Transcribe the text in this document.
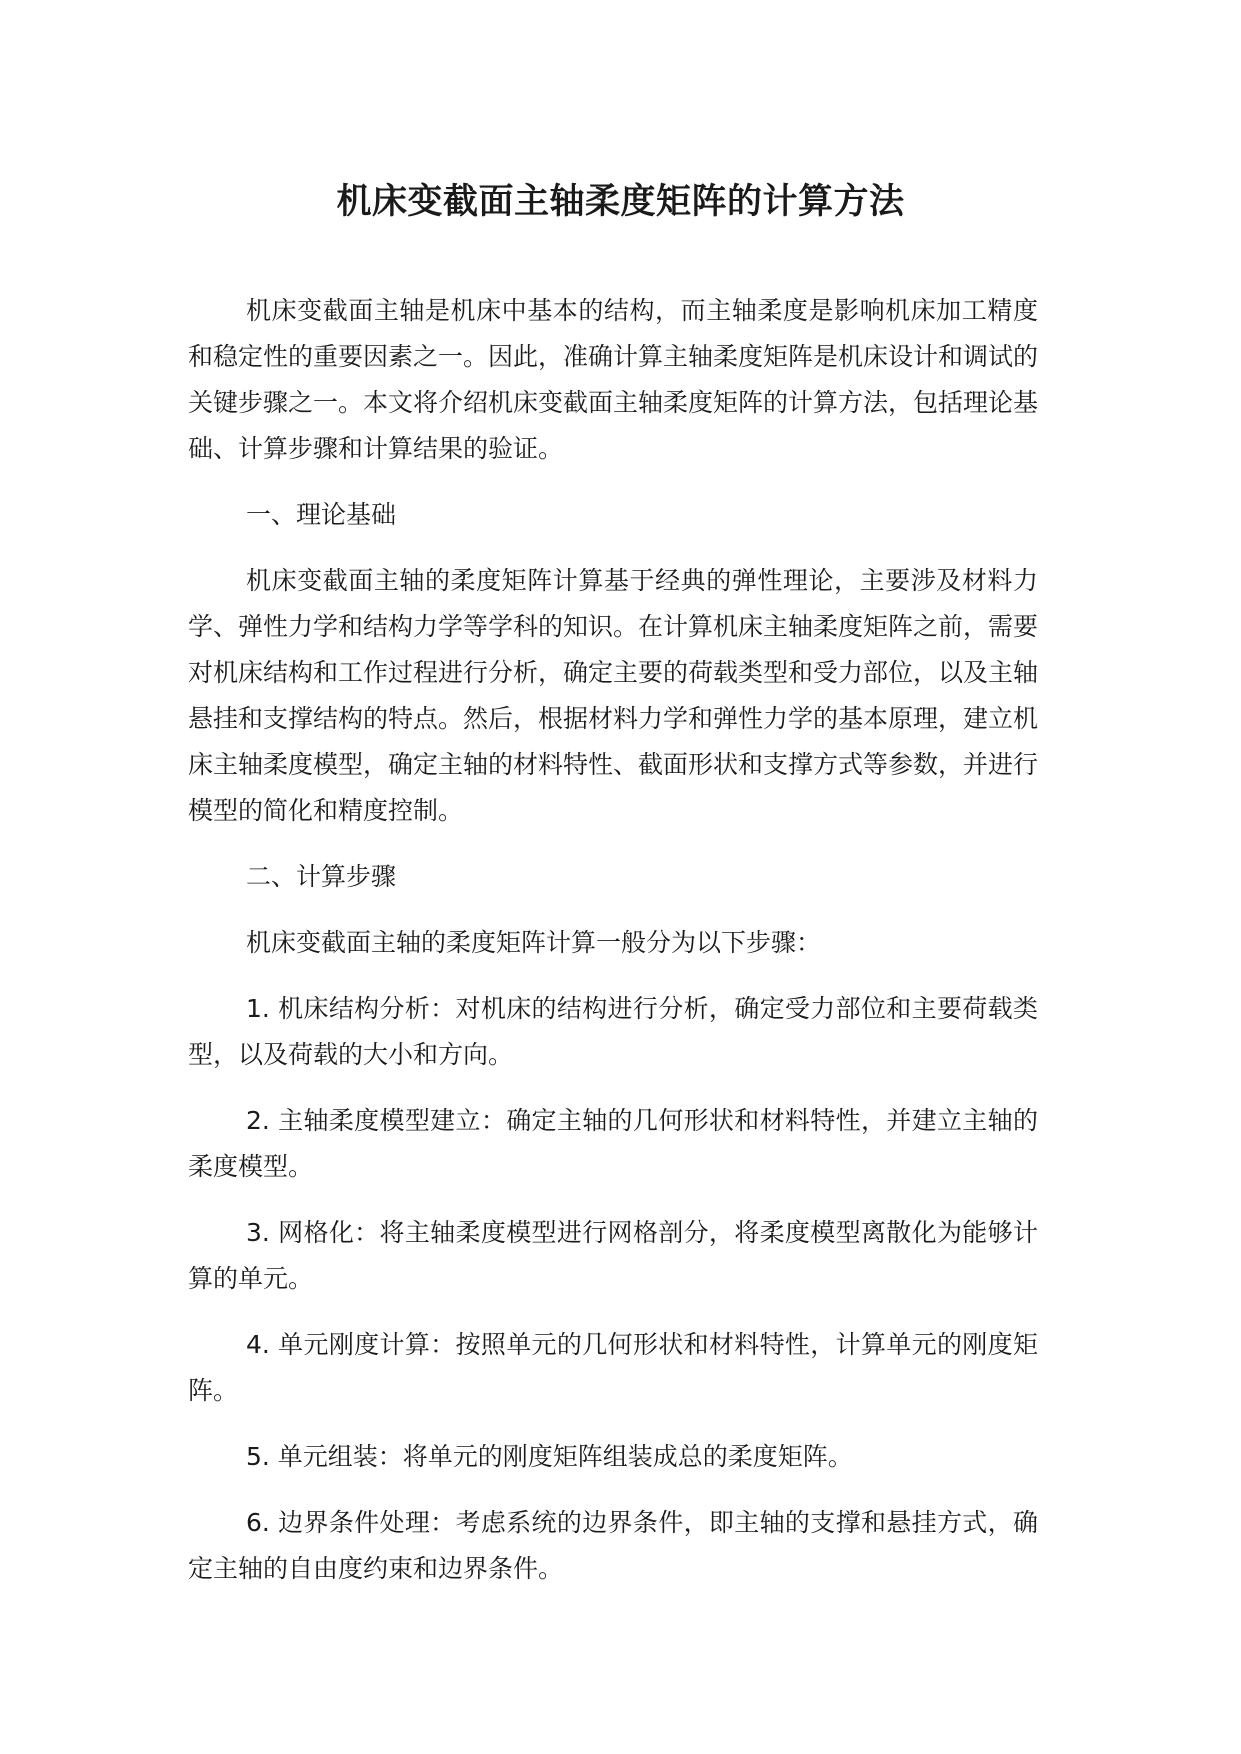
机床变截面主轴柔度矩阵的计算方法

机床变截面主轴是机床中基本的结构，而主轴柔度是影响机床加工精度和稳定性的重要因素之一。因此，准确计算主轴柔度矩阵是机床设计和调试的关键步骤之一。本文将介绍机床变截面主轴柔度矩阵的计算方法，包括理论基础、计算步骤和计算结果的验证。

一、理论基础

机床变截面主轴的柔度矩阵计算基于经典的弹性理论，主要涉及材料力学、弹性力学和结构力学等学科的知识。在计算机床主轴柔度矩阵之前，需要对机床结构和工作过程进行分析，确定主要的荷载类型和受力部位，以及主轴悬挂和支撑结构的特点。然后，根据材料力学和弹性力学的基本原理，建立机床主轴柔度模型，确定主轴的材料特性、截面形状和支撑方式等参数，并进行模型的简化和精度控制。

二、计算步骤

机床变截面主轴的柔度矩阵计算一般分为以下步骤：

1. 机床结构分析：对机床的结构进行分析，确定受力部位和主要荷载类型，以及荷载的大小和方向。

2. 主轴柔度模型建立：确定主轴的几何形状和材料特性，并建立主轴的柔度模型。

3. 网格化：将主轴柔度模型进行网格剖分，将柔度模型离散化为能够计算的单元。

4. 单元刚度计算：按照单元的几何形状和材料特性，计算单元的刚度矩阵。

5. 单元组装：将单元的刚度矩阵组装成总的柔度矩阵。

6. 边界条件处理：考虑系统的边界条件，即主轴的支撑和悬挂方式，确定主轴的自由度约束和边界条件。
